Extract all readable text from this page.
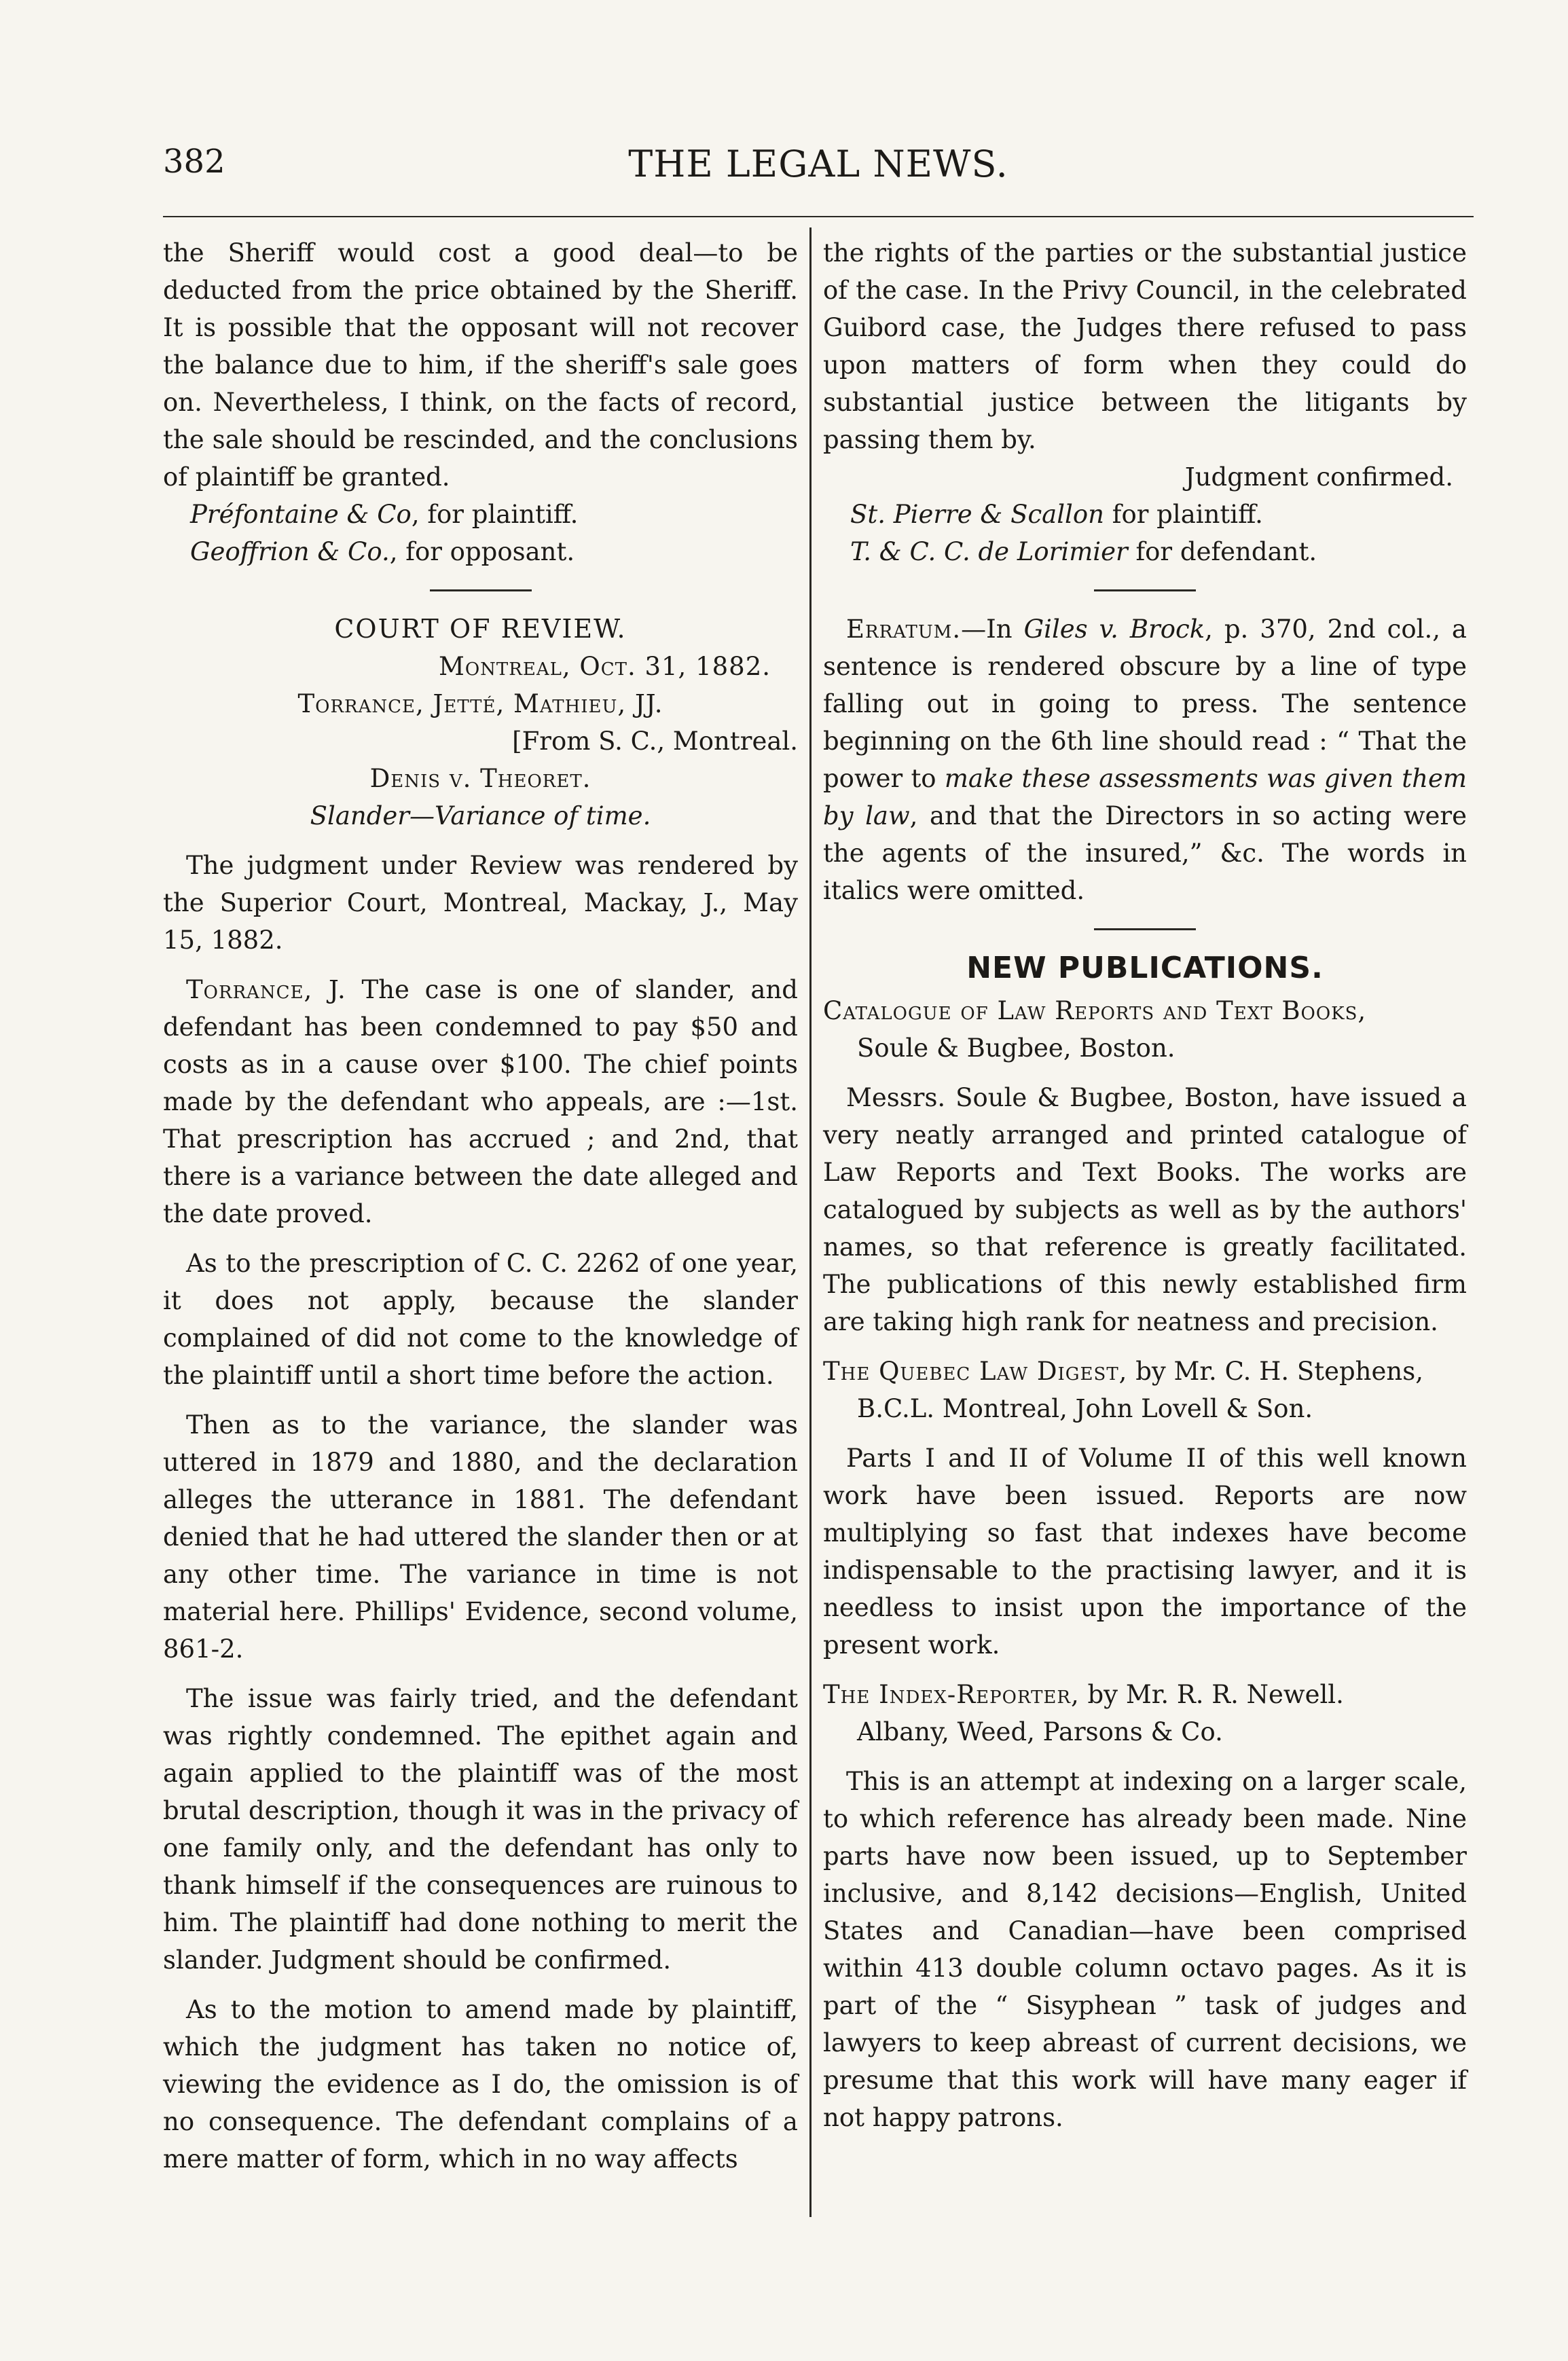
382	THE LEGAL NEWS.

the Sheriff would cost a good deal—to be deducted from the price obtained by the Sheriff. It is possible that the opposant will not recover the balance due to him, if the sheriff's sale goes on. Nevertheless, I think, on the facts of record, the sale should be rescinded, and the conclusions of plaintiff be granted.

Préfontaine & Co, for plaintiff.

Geoffrion & Co., for opposant.

COURT OF REVIEW.

Montreal, Oct. 31, 1882.

Torrance, Jetté, Mathieu, JJ.

[From S. C., Montreal.

Denis v. Theoret.

Slander—Variance of time.

The judgment under Review was rendered by the Superior Court, Montreal, Mackay, J., May 15, 1882.

Torrance, J. The case is one of slander, and defendant has been condemned to pay $50 and costs as in a cause over $100. The chief points made by the defendant who appeals, are :—1st. That prescription has accrued ; and 2nd, that there is a variance between the date alleged and the date proved.

As to the prescription of C. C. 2262 of one year, it does not apply, because the slander complained of did not come to the knowledge of the plaintiff until a short time before the action.

Then as to the variance, the slander was uttered in 1879 and 1880, and the declaration alleges the utterance in 1881. The defendant denied that he had uttered the slander then or at any other time. The variance in time is not material here. Phillips' Evidence, second volume, 861-2.

The issue was fairly tried, and the defendant was rightly condemned. The epithet again and again applied to the plaintiff was of the most brutal description, though it was in the privacy of one family only, and the defendant has only to thank himself if the consequences are ruinous to him. The plaintiff had done nothing to merit the slander. Judgment should be confirmed.

As to the motion to amend made by plaintiff, which the judgment has taken no notice of, viewing the evidence as I do, the omission is of no consequence. The defendant complains of a mere matter of form, which in no way affects

the rights of the parties or the substantial justice of the case. In the Privy Council, in the celebrated Guibord case, the Judges there refused to pass upon matters of form when they could do substantial justice between the litigants by passing them by.

Judgment confirmed.

St. Pierre & Scallon for plaintiff.

T. & C. C. de Lorimier for defendant.

Erratum.—In Giles v. Brock, p. 370, 2nd col., a sentence is rendered obscure by a line of type falling out in going to press. The sentence beginning on the 6th line should read : “ That the power to make these assessments was given them by law, and that the Directors in so acting were the agents of the insured,” &c. The words in italics were omitted.

NEW PUBLICATIONS.

Catalogue of Law Reports and Text Books,
Soule & Bugbee, Boston.

Messrs. Soule & Bugbee, Boston, have issued a very neatly arranged and printed catalogue of Law Reports and Text Books. The works are catalogued by subjects as well as by the authors' names, so that reference is greatly facilitated. The publications of this newly established firm are taking high rank for neatness and precision.

The Quebec Law Digest, by Mr. C. H. Stephens,
B.C.L. Montreal, John Lovell & Son.

Parts I and II of Volume II of this well known work have been issued. Reports are now multiplying so fast that indexes have become indispensable to the practising lawyer, and it is needless to insist upon the importance of the present work.

The Index-Reporter, by Mr. R. R. Newell.
Albany, Weed, Parsons & Co.

This is an attempt at indexing on a larger scale, to which reference has already been made. Nine parts have now been issued, up to September inclusive, and 8,142 decisions—English, United States and Canadian—have been comprised within 413 double column octavo pages. As it is part of the “ Sisyphean ” task of judges and lawyers to keep abreast of current decisions, we presume that this work will have many eager if not happy patrons.
